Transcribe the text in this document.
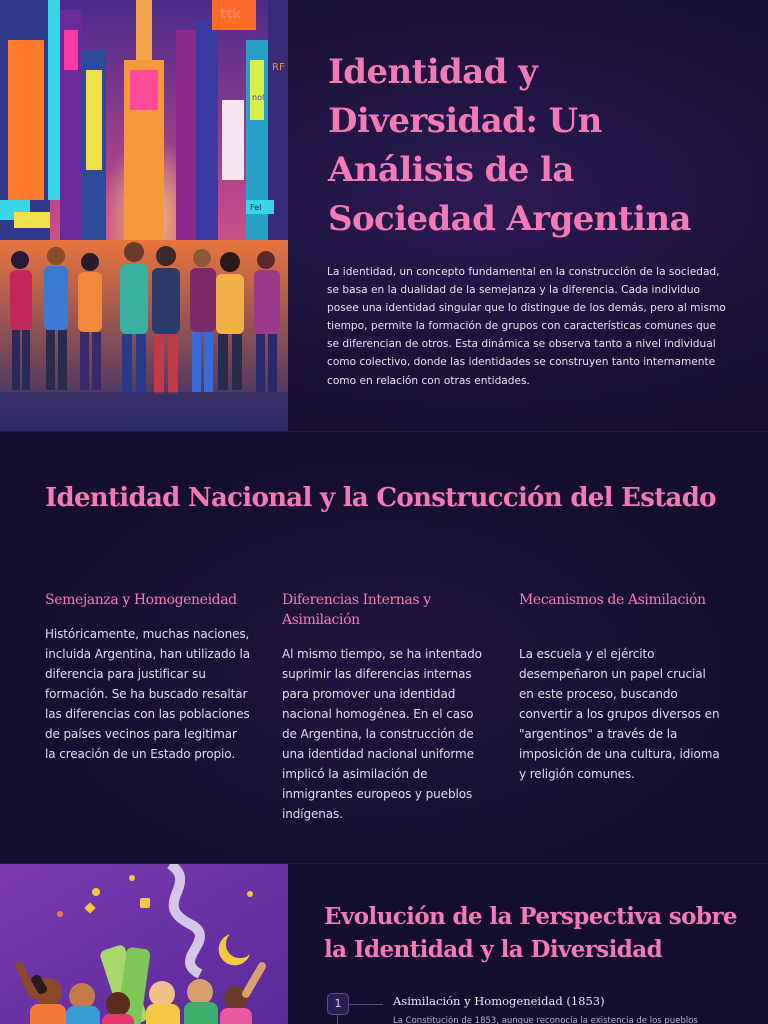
ttk
RF
nol
Fel
Identidad y Diversidad: Un Análisis de la Sociedad Argentina

La identidad, un concepto fundamental en la construcción de la sociedad, se basa en la dualidad de la semejanza y la diferencia. Cada individuo posee una identidad singular que lo distingue de los demás, pero al mismo tiempo, permite la formación de grupos con características comunes que se diferencian de otros. Esta dinámica se observa tanto a nivel individual como colectivo, donde las identidades se construyen tanto internamente como en relación con otras entidades.

Identidad Nacional y la Construcción del Estado
Semejanza y Homogeneidad

Históricamente, muchas naciones, incluida Argentina, han utilizado la diferencia para justificar su formación. Se ha buscado resaltar las diferencias con las poblaciones de países vecinos para legitimar la creación de un Estado propio.

Diferencias Internas y Asimilación

Al mismo tiempo, se ha intentado suprimir las diferencias internas para promover una identidad nacional homogénea. En el caso de Argentina, la construcción de una identidad nacional uniforme implicó la asimilación de inmigrantes europeos y pueblos indígenas.

Mecanismos de Asimilación

La escuela y el ejército desempeñaron un papel crucial en este proceso, buscando convertir a los grupos diversos en "argentinos" a través de la imposición de una cultura, idioma y religión comunes.

Evolución de la Perspectiva sobre la Identidad y la Diversidad
1	Asimilación y Homogeneidad (1853)
La Constitución de 1853, aunque reconocía la existencia de los pueblos
